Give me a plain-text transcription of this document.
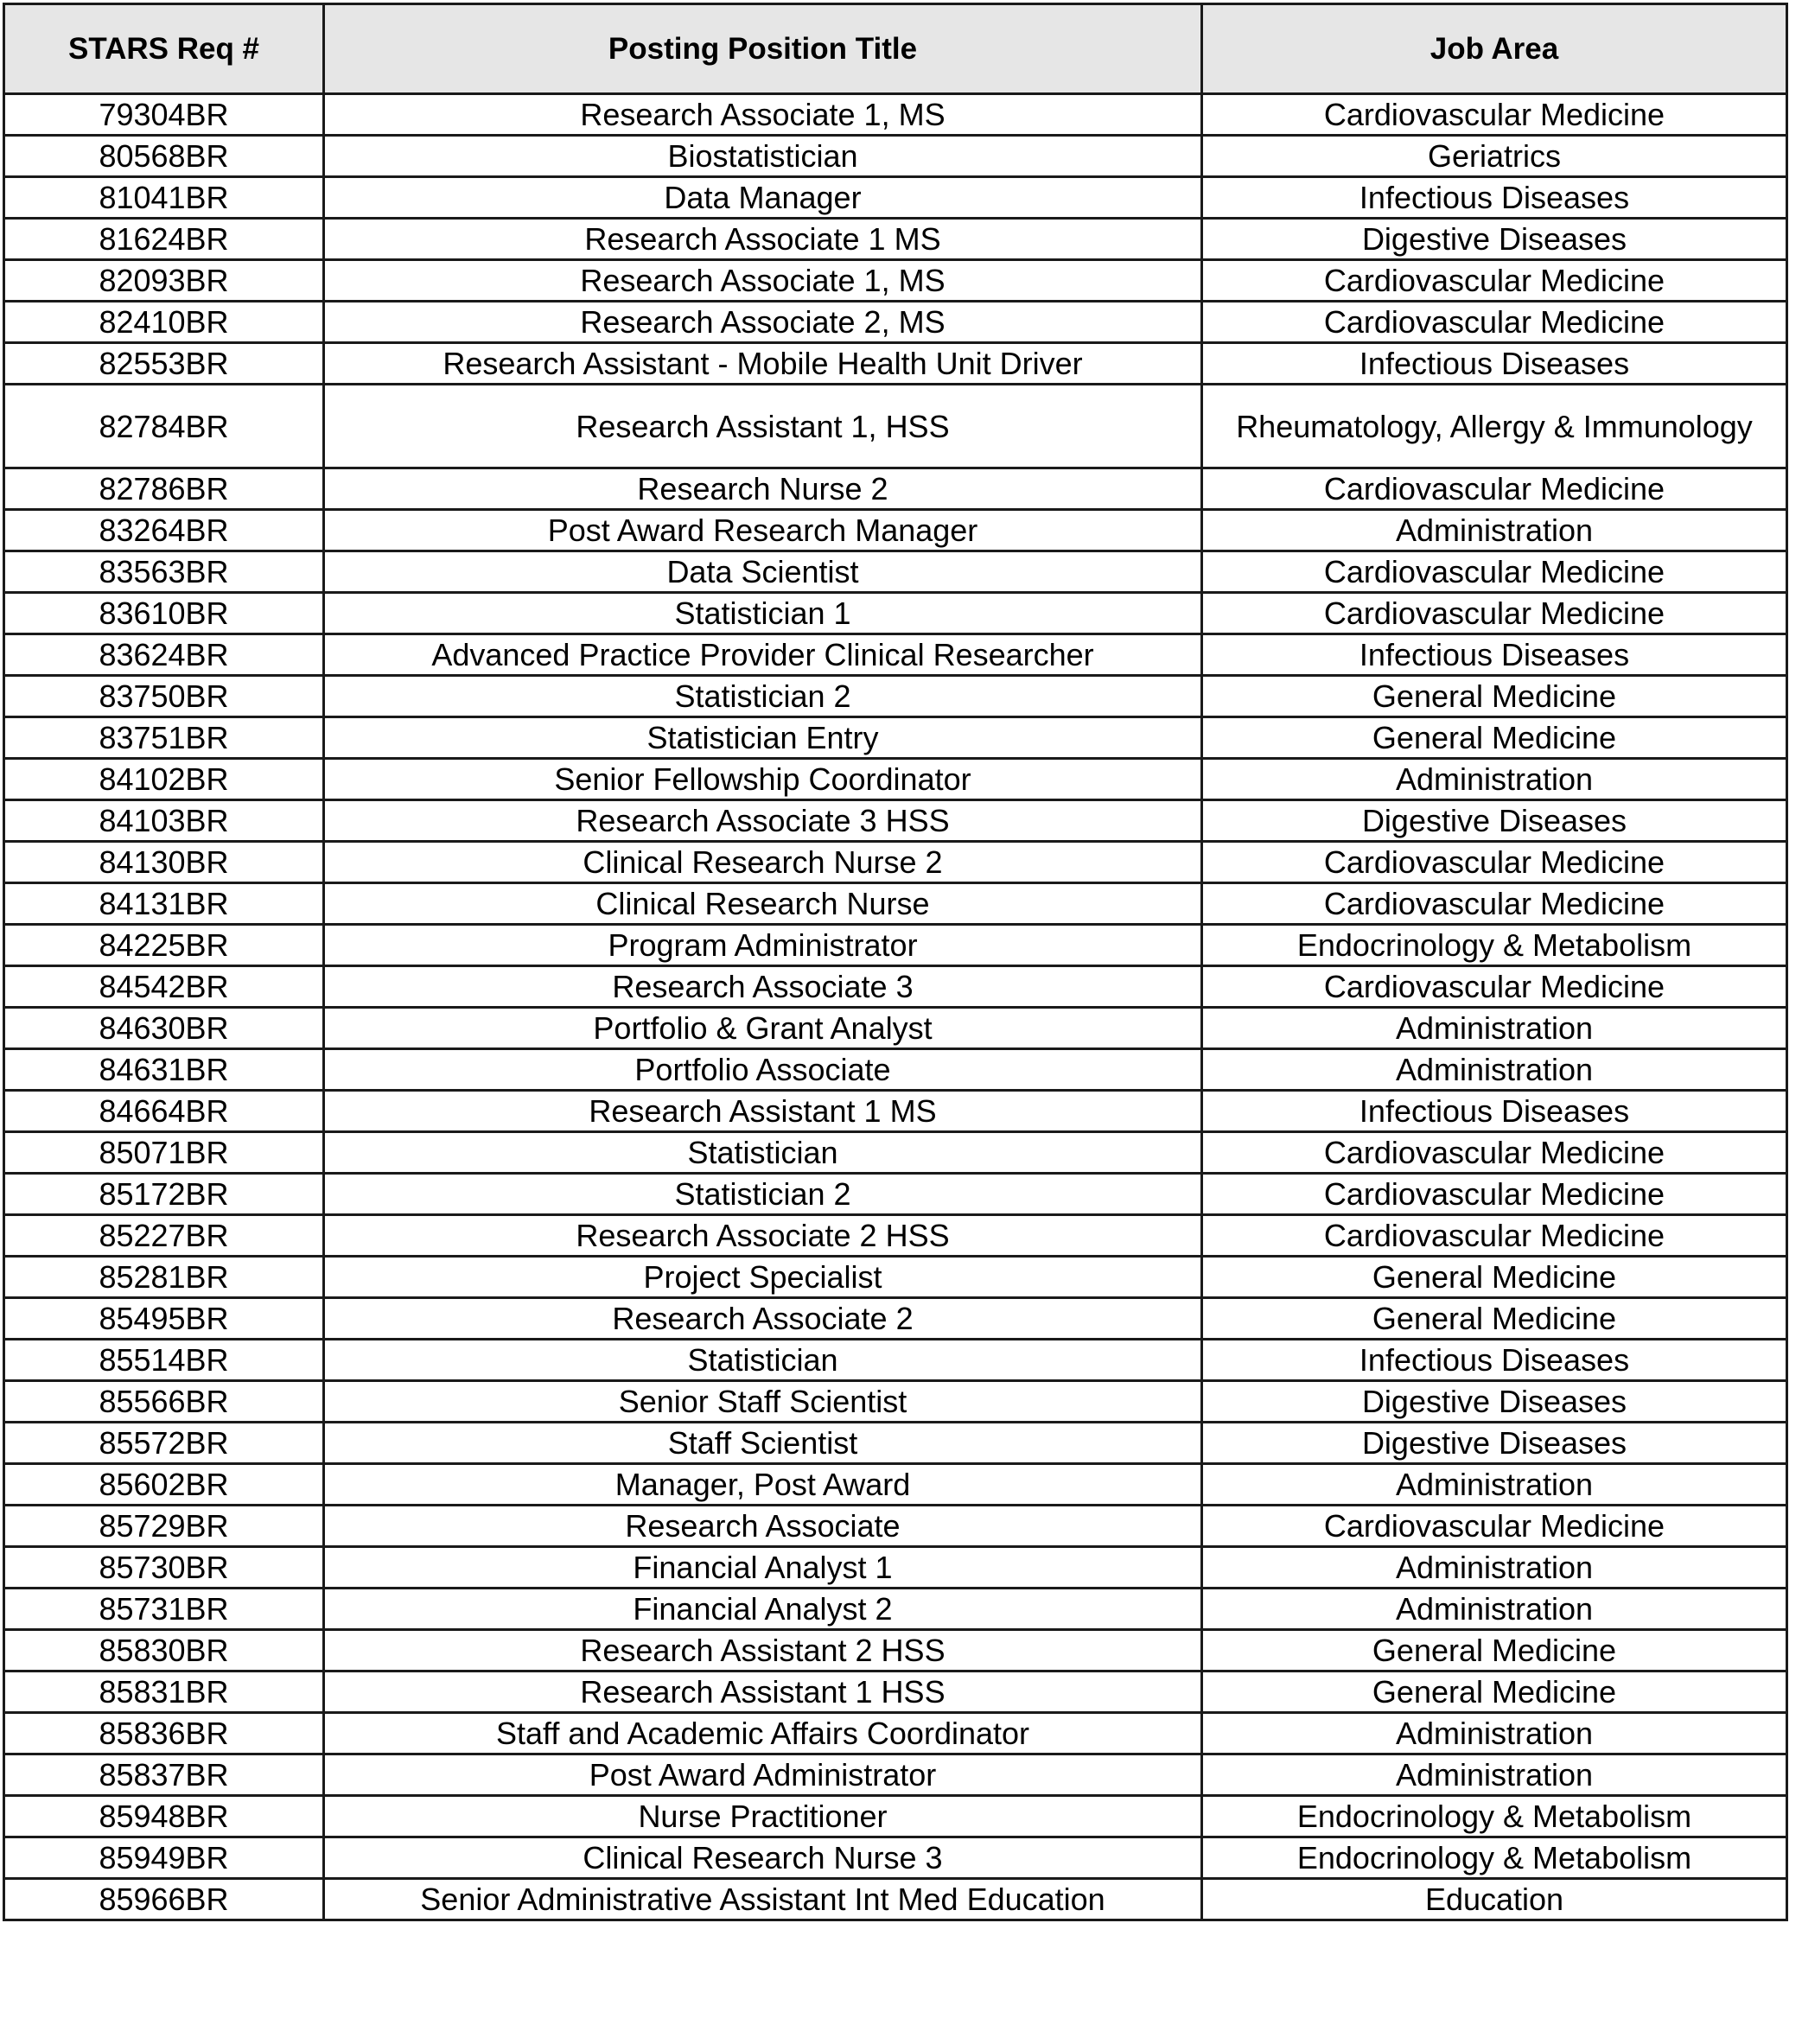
STARS Req #	Posting Position Title	Job Area
79304BR	Research Associate 1, MS	Cardiovascular Medicine
80568BR	Biostatistician	Geriatrics
81041BR	Data Manager	Infectious Diseases
81624BR	Research Associate 1 MS	Digestive Diseases
82093BR	Research Associate 1, MS	Cardiovascular Medicine
82410BR	Research Associate 2, MS	Cardiovascular Medicine
82553BR	Research Assistant - Mobile Health Unit Driver	Infectious Diseases
82784BR	Research Assistant 1, HSS	Rheumatology, Allergy & Immunology
82786BR	Research Nurse 2	Cardiovascular Medicine
83264BR	Post Award Research Manager	Administration
83563BR	Data Scientist	Cardiovascular Medicine
83610BR	Statistician 1	Cardiovascular Medicine
83624BR	Advanced Practice Provider Clinical Researcher	Infectious Diseases
83750BR	Statistician 2	General Medicine
83751BR	Statistician Entry	General Medicine
84102BR	Senior Fellowship Coordinator	Administration
84103BR	Research Associate 3 HSS	Digestive Diseases
84130BR	Clinical Research Nurse 2	Cardiovascular Medicine
84131BR	Clinical Research Nurse	Cardiovascular Medicine
84225BR	Program Administrator	Endocrinology & Metabolism
84542BR	Research Associate 3	Cardiovascular Medicine
84630BR	Portfolio & Grant Analyst	Administration
84631BR	Portfolio Associate	Administration
84664BR	Research Assistant 1 MS	Infectious Diseases
85071BR	Statistician	Cardiovascular Medicine
85172BR	Statistician 2	Cardiovascular Medicine
85227BR	Research Associate 2 HSS	Cardiovascular Medicine
85281BR	Project Specialist	General Medicine
85495BR	Research Associate 2	General Medicine
85514BR	Statistician	Infectious Diseases
85566BR	Senior Staff Scientist	Digestive Diseases
85572BR	Staff Scientist	Digestive Diseases
85602BR	Manager, Post Award	Administration
85729BR	Research Associate	Cardiovascular Medicine
85730BR	Financial Analyst 1	Administration
85731BR	Financial Analyst 2	Administration
85830BR	Research Assistant 2 HSS	General Medicine
85831BR	Research Assistant 1 HSS	General Medicine
85836BR	Staff and Academic Affairs Coordinator	Administration
85837BR	Post Award Administrator	Administration
85948BR	Nurse Practitioner	Endocrinology & Metabolism
85949BR	Clinical Research Nurse 3	Endocrinology & Metabolism
85966BR	Senior Administrative Assistant Int Med Education	Education
